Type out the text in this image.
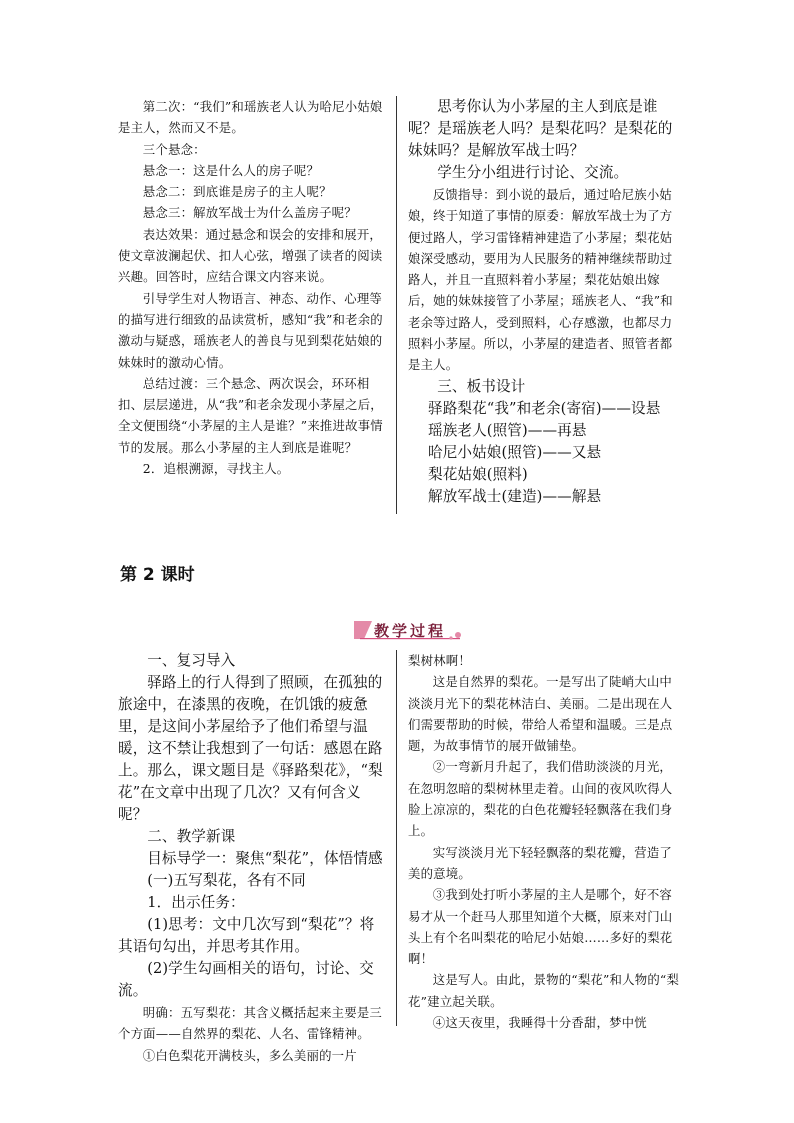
第二次：“我们”和瑶族老人认为哈尼小姑娘是主人，然而又不是。

三个悬念：

悬念一：这是什么人的房子呢？

悬念二：到底谁是房子的主人呢？

悬念三：解放军战士为什么盖房子呢？

表达效果：通过悬念和误会的安排和展开，使文章波澜起伏、扣人心弦，增强了读者的阅读兴趣。回答时，应结合课文内容来说。

引导学生对人物语言、神态、动作、心理等的描写进行细致的品读赏析，感知“我”和老余的激动与疑惑，瑶族老人的善良与见到梨花姑娘的妹妹时的激动心情。

总结过渡：三个悬念、两次误会，环环相扣、层层递进，从“我”和老余发现小茅屋之后，全文便围绕“小茅屋的主人是谁？”来推进故事情节的发展。那么小茅屋的主人到底是谁呢？

2．追根溯源，寻找主人。

思考你认为小茅屋的主人到底是谁呢？是瑶族老人吗？是梨花吗？是梨花的妹妹吗？是解放军战士吗？

学生分小组进行讨论、交流。

反馈指导：到小说的最后，通过哈尼族小姑娘，终于知道了事情的原委：解放军战士为了方便过路人，学习雷锋精神建造了小茅屋；梨花姑娘深受感动，要用为人民服务的精神继续帮助过路人，并且一直照料着小茅屋；梨花姑娘出嫁后，她的妹妹接管了小茅屋；瑶族老人、“我”和老余等过路人，受到照料，心存感激，也都尽力照料小茅屋。所以，小茅屋的建造者、照管者都是主人。

三、板书设计

驿路梨花“我”和老余(寄宿)——设悬

瑶族老人(照管)——再悬

哈尼小姑娘(照管)——又悬

梨花姑娘(照料)

解放军战士(建造)——解悬

第 2 课时
教学过程

一、复习导入

驿路上的行人得到了照顾，在孤独的旅途中，在漆黑的夜晚，在饥饿的疲惫里，是这间小茅屋给予了他们希望与温暖，这不禁让我想到了一句话：感恩在路上。那么，课文题目是《驿路梨花》，“梨花”在文章中出现了几次？又有何含义呢？

二、教学新课

目标导学一：聚焦“梨花”，体悟情感

(一)五写梨花，各有不同

1．出示任务：

(1)思考：文中几次写到“梨花”？将其语句勾出，并思考其作用。

(2)学生勾画相关的语句，讨论、交流。

明确：五写梨花：其含义概括起来主要是三个方面——自然界的梨花、人名、雷锋精神。

①白色梨花开满枝头，多么美丽的一片

梨树林啊！

这是自然界的梨花。一是写出了陡峭大山中淡淡月光下的梨花林洁白、美丽。二是出现在人们需要帮助的时候，带给人希望和温暖。三是点题，为故事情节的展开做铺垫。

②一弯新月升起了，我们借助淡淡的月光，在忽明忽暗的梨树林里走着。山间的夜风吹得人脸上凉凉的，梨花的白色花瓣轻轻飘落在我们身上。

实写淡淡月光下轻轻飘落的梨花瓣，营造了美的意境。

③我到处打听小茅屋的主人是哪个，好不容易才从一个赶马人那里知道个大概，原来对门山头上有个名叫梨花的哈尼小姑娘……多好的梨花啊！

这是写人。由此，景物的“梨花”和人物的“梨花”建立起关联。

④这天夜里，我睡得十分香甜，梦中恍
